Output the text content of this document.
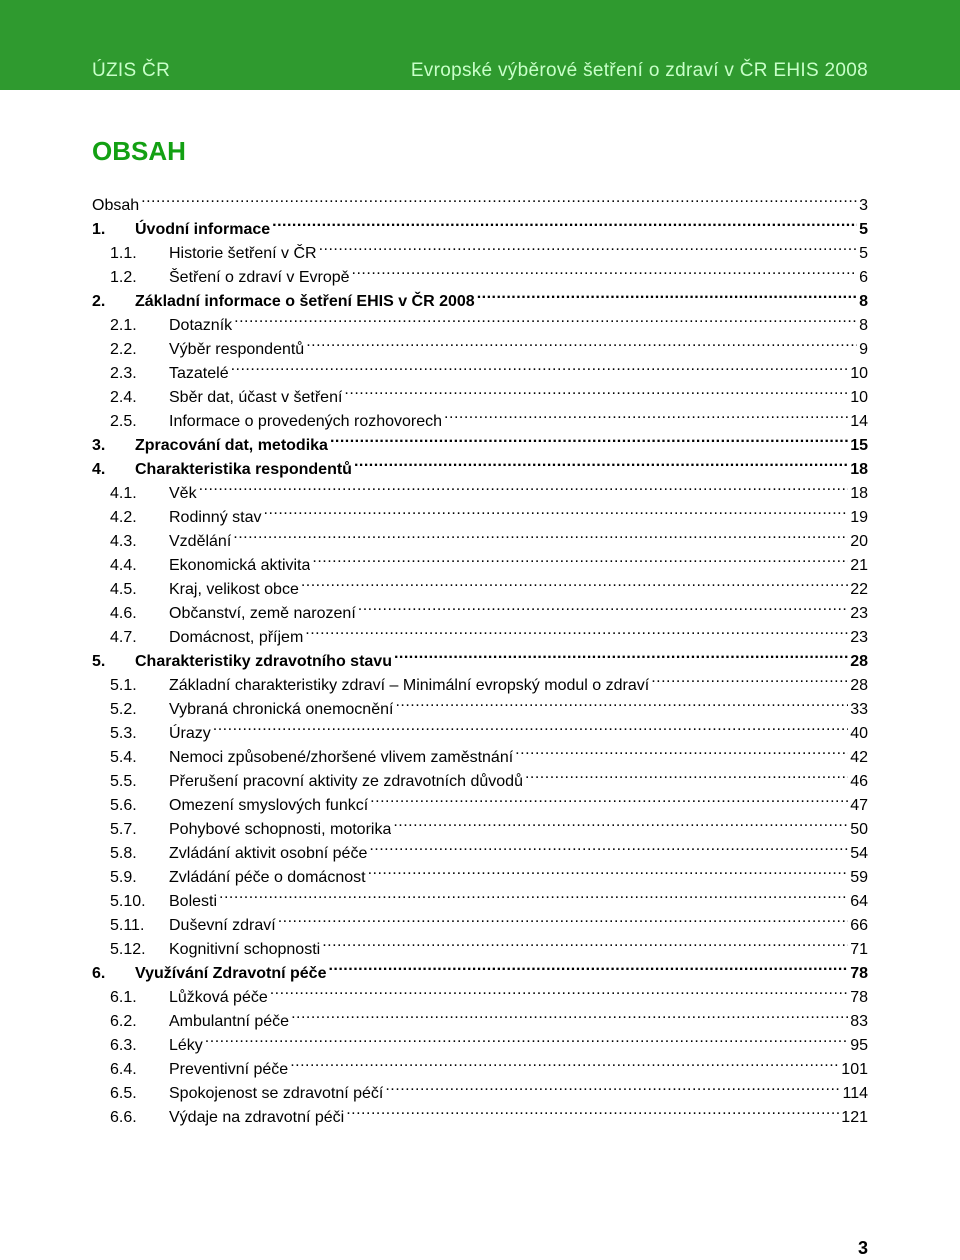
ÚZIS ČR	Evropské výběrové šetření o zdraví v ČR EHIS 2008
OBSAH
Obsah .....	3
1.	Úvodní informace .....	5
1.1.	Historie šetření v ČR .....	5
1.2.	Šetření o zdraví v Evropě .....	6
2.	Základní informace o šetření EHIS v ČR 2008 .....	8
2.1.	Dotazník .....	8
2.2.	Výběr respondentů .....	9
2.3.	Tazatelé .....	10
2.4.	Sběr dat, účast v šetření .....	10
2.5.	Informace o provedených rozhovorech .....	14
3.	Zpracování dat, metodika .....	15
4.	Charakteristika respondentů .....	18
4.1.	Věk .....	18
4.2.	Rodinný stav .....	19
4.3.	Vzdělání .....	20
4.4.	Ekonomická aktivita .....	21
4.5.	Kraj, velikost obce .....	22
4.6.	Občanství, země narození .....	23
4.7.	Domácnost, příjem .....	23
5.	Charakteristiky zdravotního stavu .....	28
5.1.	Základní charakteristiky zdraví – Minimální evropský modul o zdraví .....	28
5.2.	Vybraná chronická onemocnění .....	33
5.3.	Úrazy .....	40
5.4.	Nemoci způsobené/zhoršené vlivem zaměstnání .....	42
5.5.	Přerušení pracovní aktivity ze zdravotních důvodů .....	46
5.6.	Omezení smyslových funkcí .....	47
5.7.	Pohybové schopnosti, motorika .....	50
5.8.	Zvládání aktivit osobní péče .....	54
5.9.	Zvládání péče o domácnost .....	59
5.10.	Bolesti .....	64
5.11.	Duševní zdraví .....	66
5.12.	Kognitivní schopnosti .....	71
6.	Využívání Zdravotní péče .....	78
6.1.	Lůžková péče .....	78
6.2.	Ambulantní péče .....	83
6.3.	Léky .....	95
6.4.	Preventivní péče .....	101
6.5.	Spokojenost se zdravotní péčí .....	114
6.6.	Výdaje na zdravotní péči .....	121
3
